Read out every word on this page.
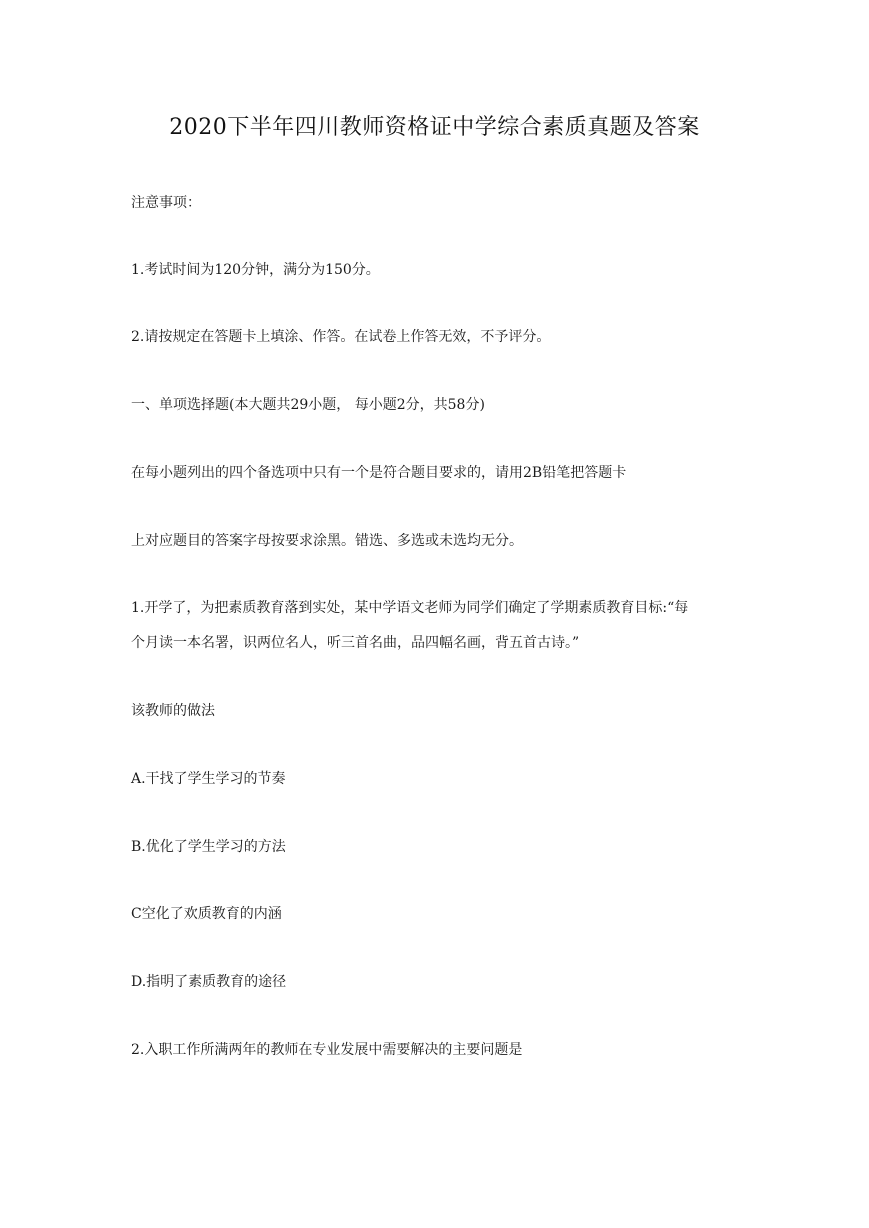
2020下半年四川教师资格证中学综合素质真题及答案
注意事项：
1.考试时间为120分钟，满分为150分。
2.请按规定在答题卡上填涂、作答。在试卷上作答无效，不予评分。
一、单项选择题(本大题共29小题， 每小题2分，共58分)
在每小题列出的四个备选项中只有一个是符合题目要求的，请用2B铅笔把答题卡
上对应题目的答案字母按要求涂黑。错选、多选或未选均无分。
1.开学了，为把素质教育落到实处，某中学语文老师为同学们确定了学期素质教育目标:“每
个月读一本名署，识两位名人，听三首名曲，品四幅名画，背五首古诗。”
该教师的做法
A.干找了学生学习的节奏
B.优化了学生学习的方法
C空化了欢质教育的内涵
D.指明了素质教育的途径
2.入职工作所满两年的教师在专业发展中需要解决的主要问题是
